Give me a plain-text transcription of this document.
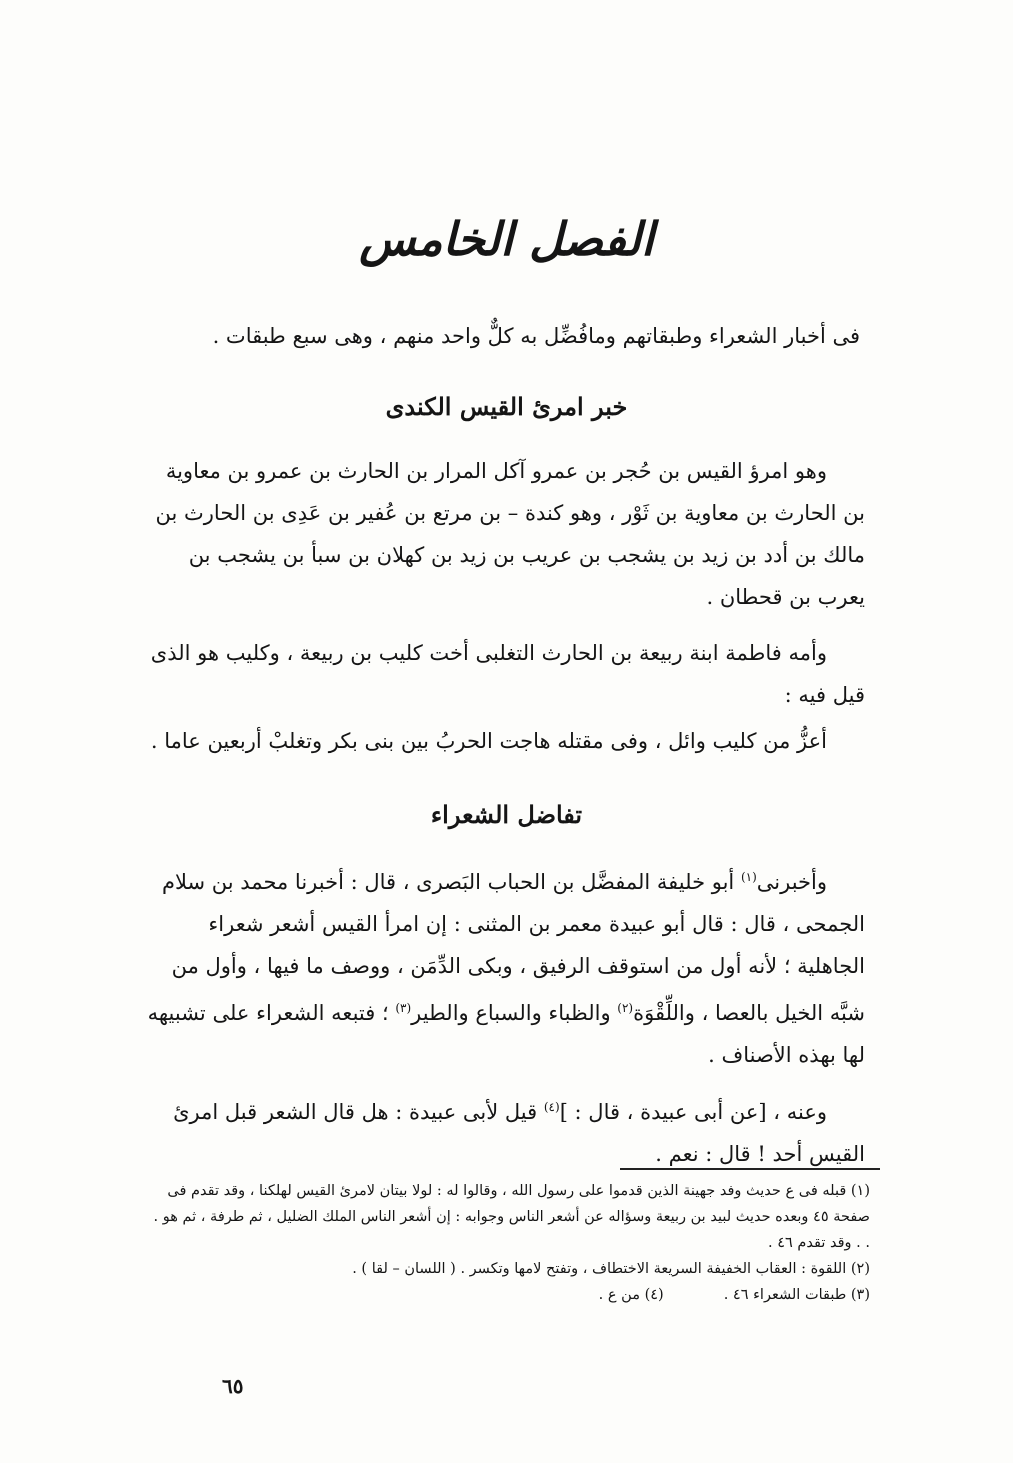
الفصل الخامس
فى أخبار الشعراء وطبقاتهم ومافُضِّل به كلٌّ واحد منهم ، وهى سبع طبقات .
خبر امرئ القيس الكندى
وهو امرؤ القيس بن حُجر بن عمرو آكل المرار بن الحارث بن عمرو بن معاوية بن الحارث بن معاوية بن ثَوْر ، وهو كندة – بن مرتع بن عُفير بن عَدِى بن الحارث بن مالك بن أدد بن زيد بن يشجب بن عريب بن زيد بن كهلان بن سبأ بن يشجب بن يعرب بن قحطان .
وأمه فاطمة ابنة ربيعة بن الحارث التغلبى أخت كليب بن ربيعة ، وكليب هو الذى قيل فيه :
أعزُّ من كليب وائل ، وفى مقتله هاجت الحربُ بين بنى بكر وتغلبْ أربعين عاما .
تفاضل الشعراء
وأخبرنى$^{(١)}$ أبو خليفة المفضَّل بن الحباب البَصرى ، قال : أخبرنا محمد بن سلام الجمحى ، قال : قال أبو عبيدة معمر بن المثنى : إن امرأ القيس أشعر شعراء الجاهلية ؛ لأنه أول من استوقف الرفيق ، وبكى الدِّمَن ، ووصف ما فيها ، وأول من شبَّه الخيل بالعصا ، واللِّقْوَة$^{(٢)}$ والظباء والسباع والطير$^{(٣)}$ ؛ فتبعه الشعراء على تشبيهه لها بهذه الأصناف .
وعنه ، [عن أبى عبيدة ، قال : ]$^{(٤)}$ قيل لأبى عبيدة : هل قال الشعر قبل امرئ القيس أحد ! قال : نعم .

(١) قبله فى ع حديث وفد جهينة الذين قدموا على رسول الله ، وقالوا له : لولا بيتان لامرئ القيس لهلكنا ، وقد تقدم فى صفحة ٤٥ وبعده حديث لبيد بن ربيعة وسؤاله عن أشعر الناس وجوابه : إن أشعر الناس الملك الضليل ، ثم طرفة ، ثم هو . . . وقد تقدم ٤٦ .

(٢) اللقوة : العقاب الخفيفة السريعة الاختطاف ، وتفتح لامها وتكسر . ( اللسان – لقا ) .

(٣) طبقات الشعراء ٤٦ .
(٤) من ع .
٦٥
